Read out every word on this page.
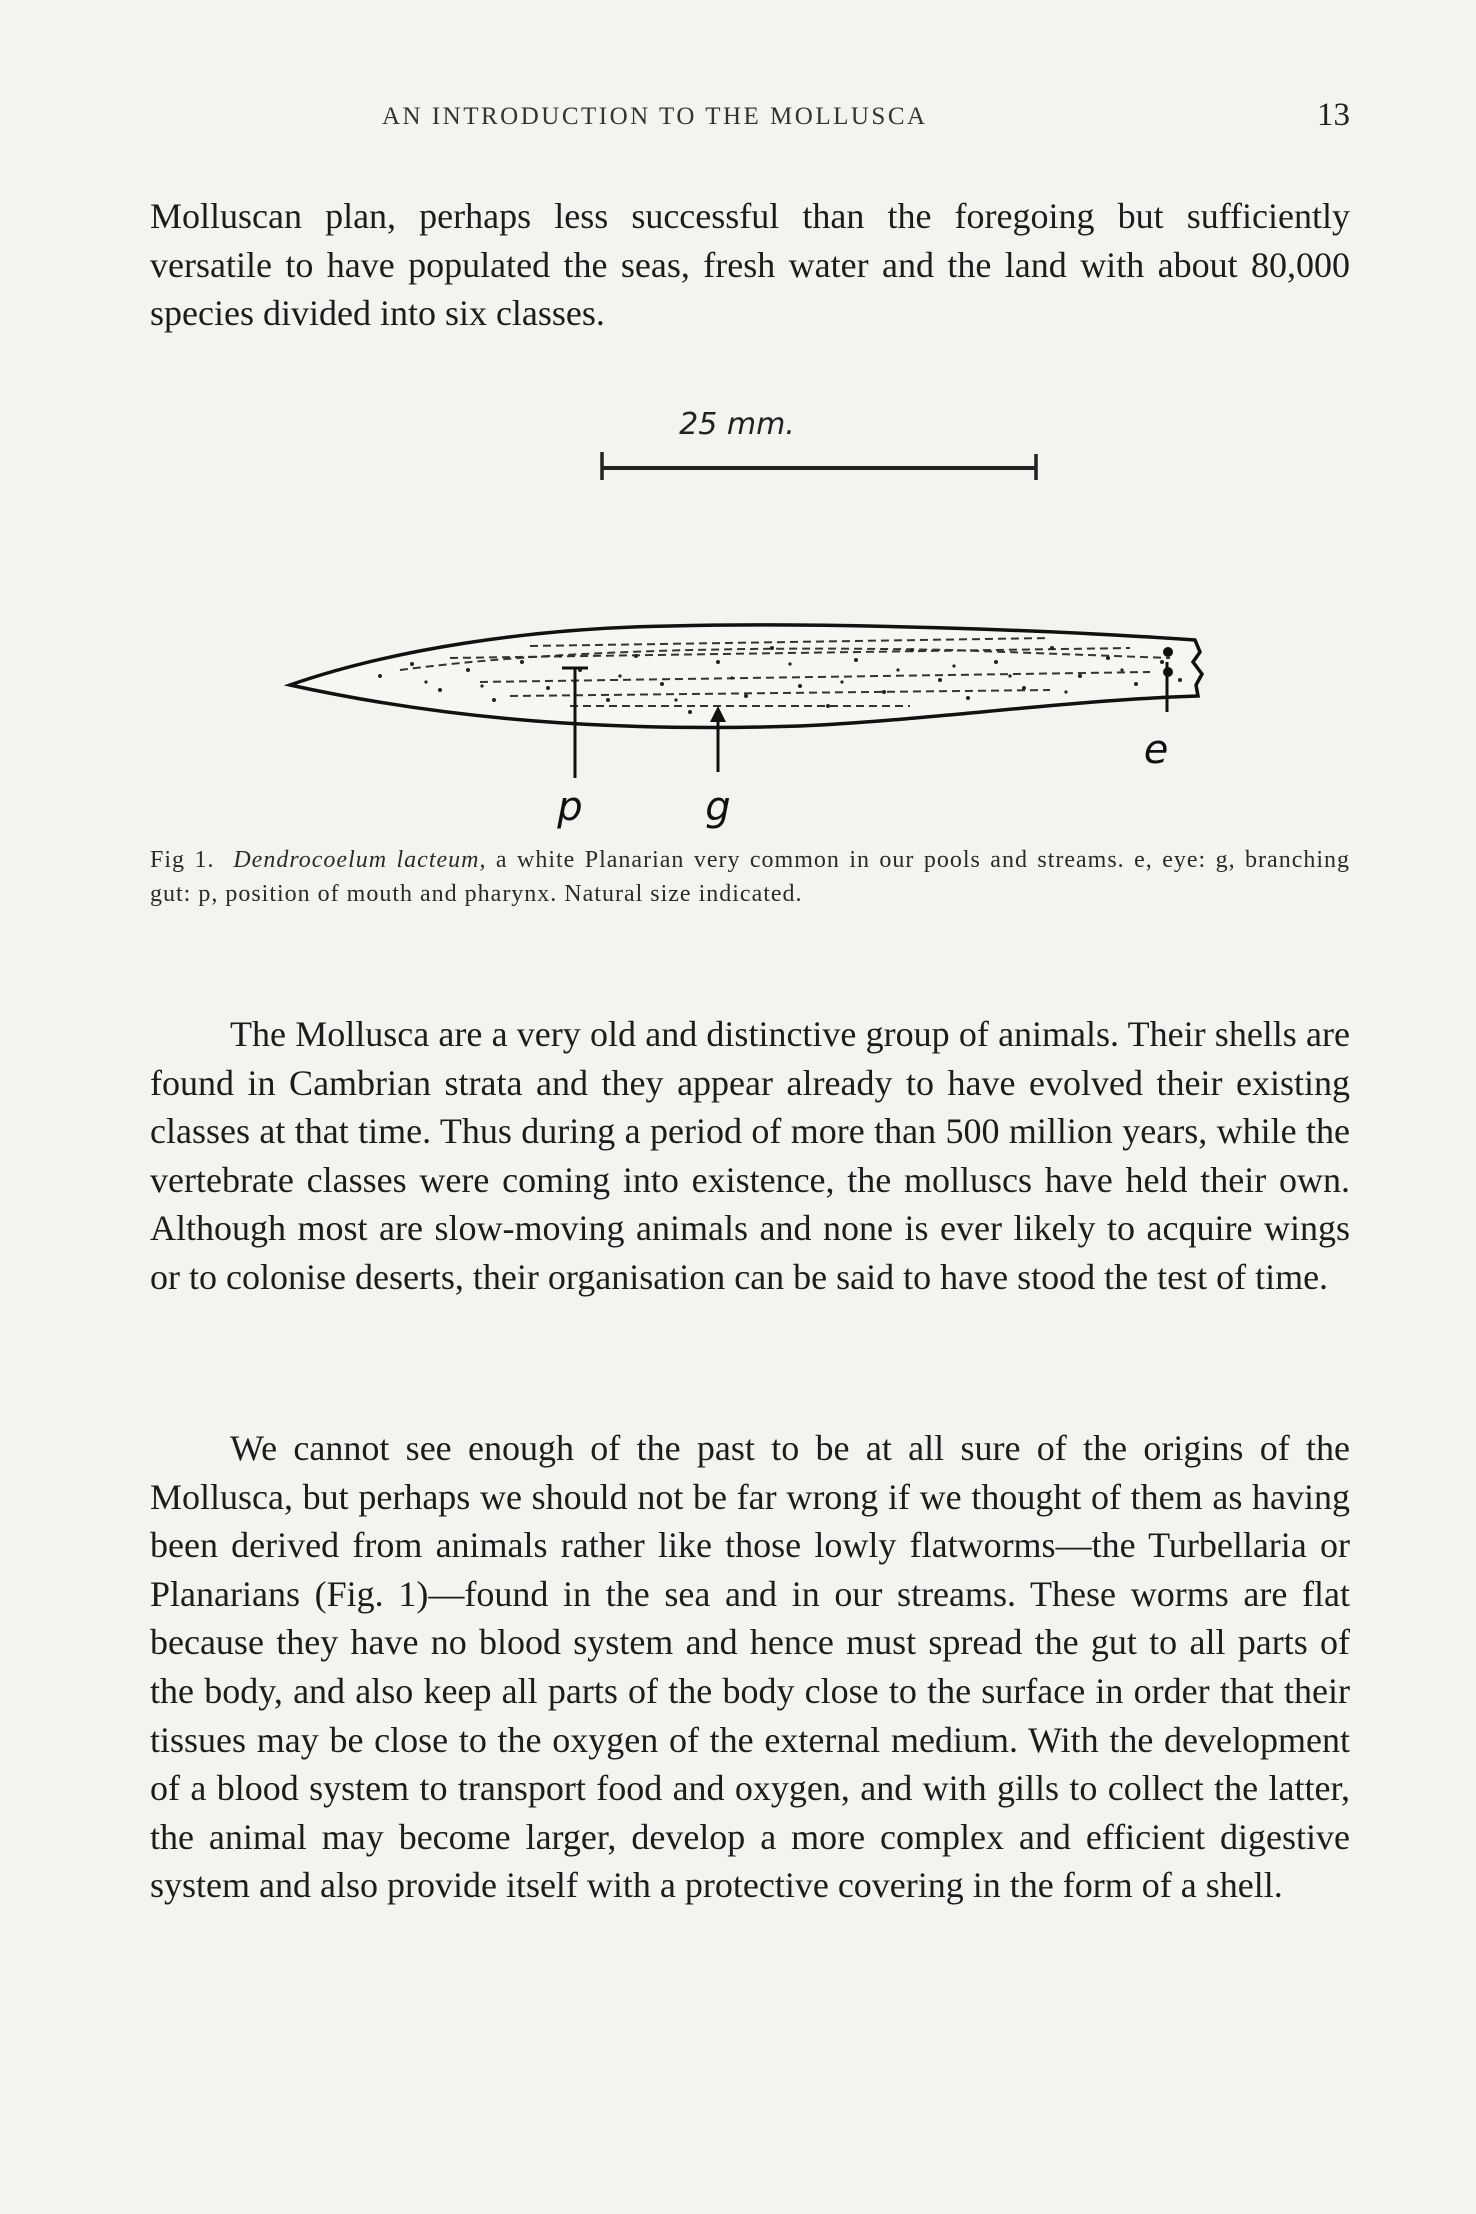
AN INTRODUCTION TO THE MOLLUSCA	13

Molluscan plan, perhaps less successful than the foregoing but sufficiently versatile to have populated the seas, fresh water and the land with about 80,000 species divided into six classes.

25 mm.
p	g
e

Fig 1. Dendrocoelum lacteum, a white Planarian very common in our pools and streams. e, eye: g, branching gut: p, position of mouth and pharynx. Natural size indicated.

The Mollusca are a very old and distinctive group of animals. Their shells are found in Cambrian strata and they appear already to have evolved their existing classes at that time. Thus during a period of more than 500 million years, while the vertebrate classes were coming into existence, the molluscs have held their own. Although most are slow-moving animals and none is ever likely to acquire wings or to colonise deserts, their organisation can be said to have stood the test of time.

We cannot see enough of the past to be at all sure of the origins of the Mollusca, but perhaps we should not be far wrong if we thought of them as having been derived from animals rather like those lowly flatworms—the Turbellaria or Planarians (Fig. 1)—found in the sea and in our streams. These worms are flat because they have no blood system and hence must spread the gut to all parts of the body, and also keep all parts of the body close to the surface in order that their tissues may be close to the oxygen of the external medium. With the development of a blood system to transport food and oxygen, and with gills to collect the latter, the animal may become larger, develop a more complex and efficient digestive system and also provide itself with a protective covering in the form of a shell.
